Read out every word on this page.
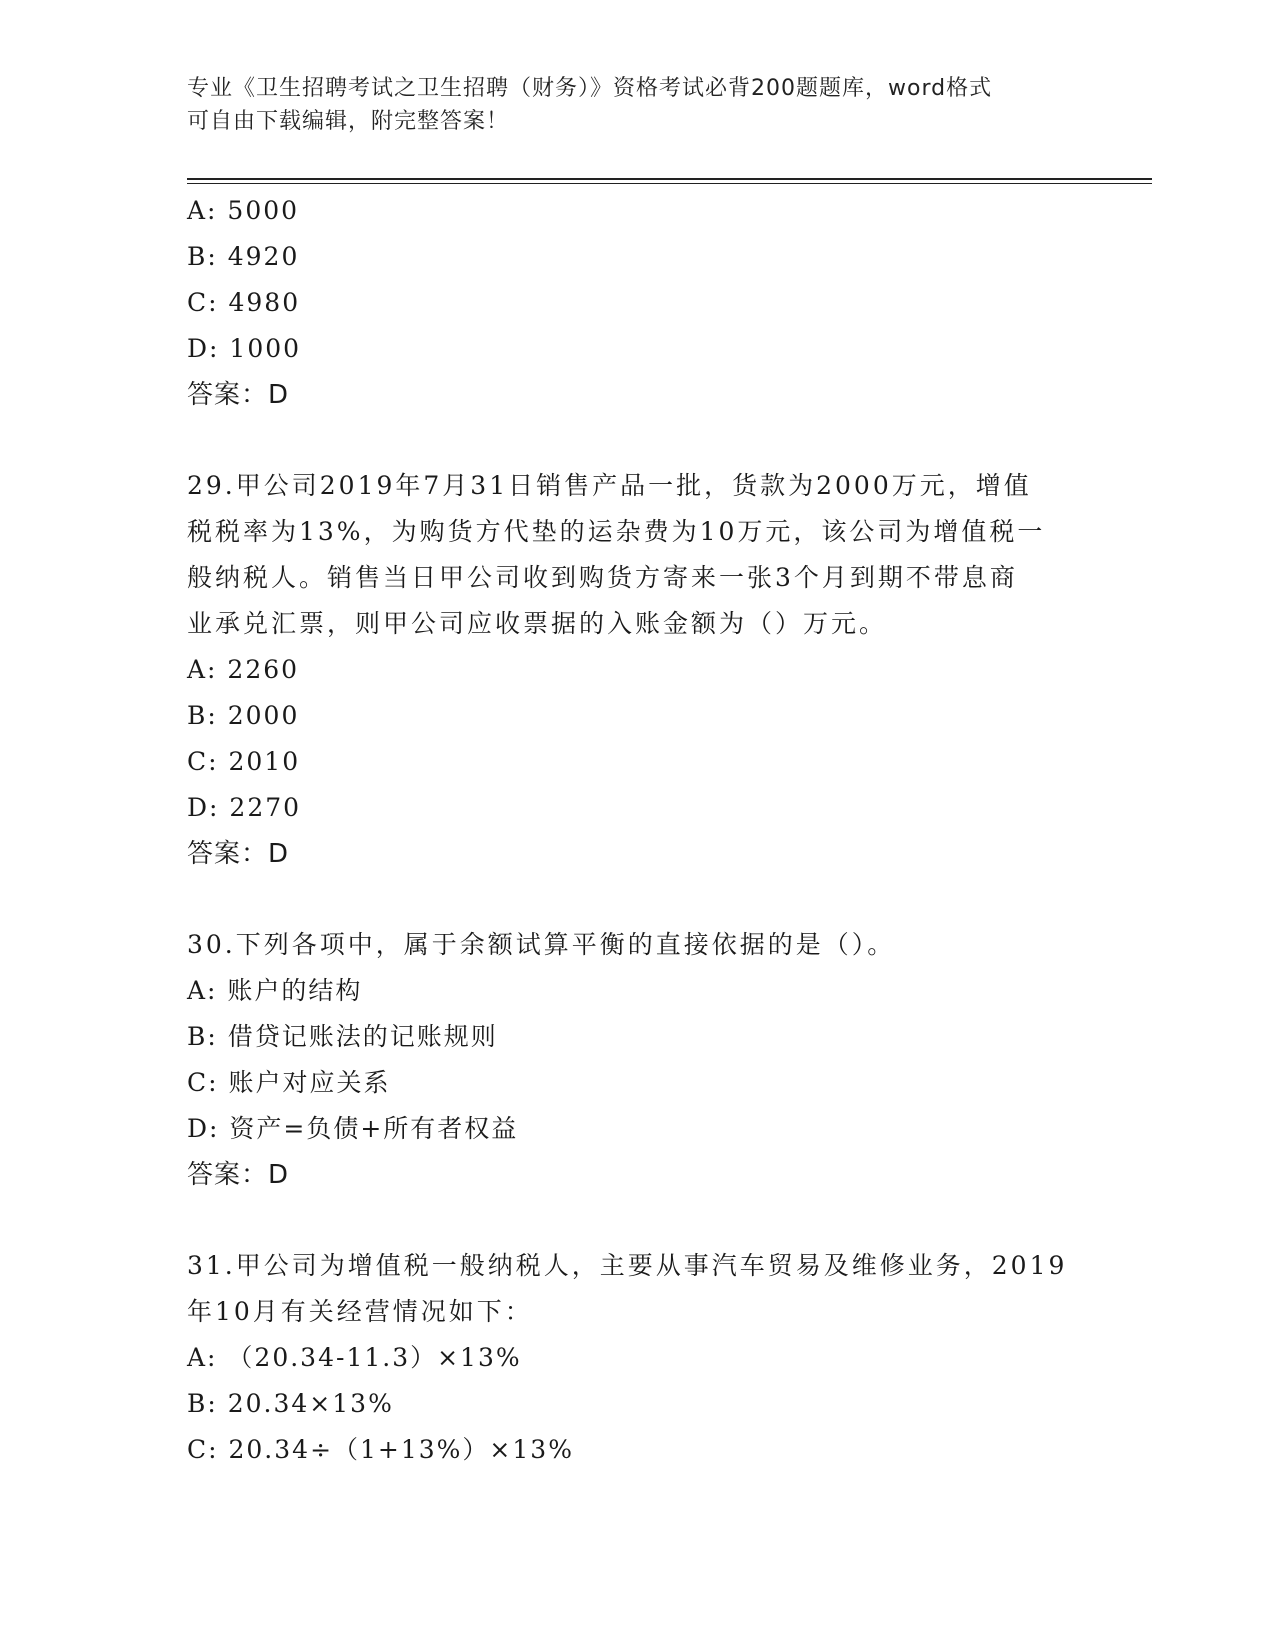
专业《卫生招聘考试之卫生招聘（财务）》资格考试必背200题题库，word格式
可自由下载编辑，附完整答案！
A: 5000
B: 4920
C: 4980
D: 1000
答案：D
29.甲公司2019年7月31日销售产品一批，货款为2000万元，增值
税税率为13%，为购货方代垫的运杂费为10万元，该公司为增值税一
般纳税人。销售当日甲公司收到购货方寄来一张3个月到期不带息商
业承兑汇票，则甲公司应收票据的入账金额为（）万元。
A: 2260
B: 2000
C: 2010
D: 2270
答案：D
30.下列各项中，属于余额试算平衡的直接依据的是（）。
A: 账户的结构
B: 借贷记账法的记账规则
C: 账户对应关系
D: 资产=负债+所有者权益
答案：D
31.甲公司为增值税一般纳税人，主要从事汽车贸易及维修业务，2019
年10月有关经营情况如下：
A: （20.34-11.3）×13%
B: 20.34×13%
C: 20.34÷（1+13%）×13%
